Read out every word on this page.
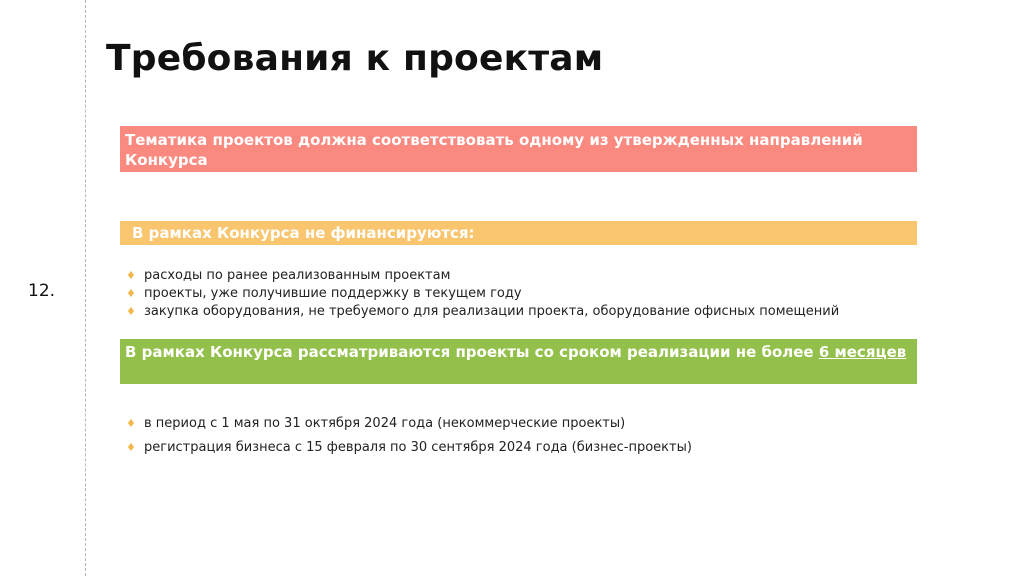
12.
Требования к проектам
Тематика проектов должна соответствовать одному из утвержденных направлений Конкурса
В рамках Конкурса не финансируются:
♦ расходы по ранее реализованным проектам
♦ проекты, уже получившие поддержку в текущем году
♦ закупка оборудования, не требуемого для реализации проекта, оборудование офисных помещений
В рамках Конкурса рассматриваются проекты со сроком реализации не более 6 месяцев
♦ в период с 1 мая по 31 октября 2024 года (некоммерческие проекты)
♦ регистрация бизнеса с 15 февраля по 30 сентября 2024 года (бизнес-проекты)
